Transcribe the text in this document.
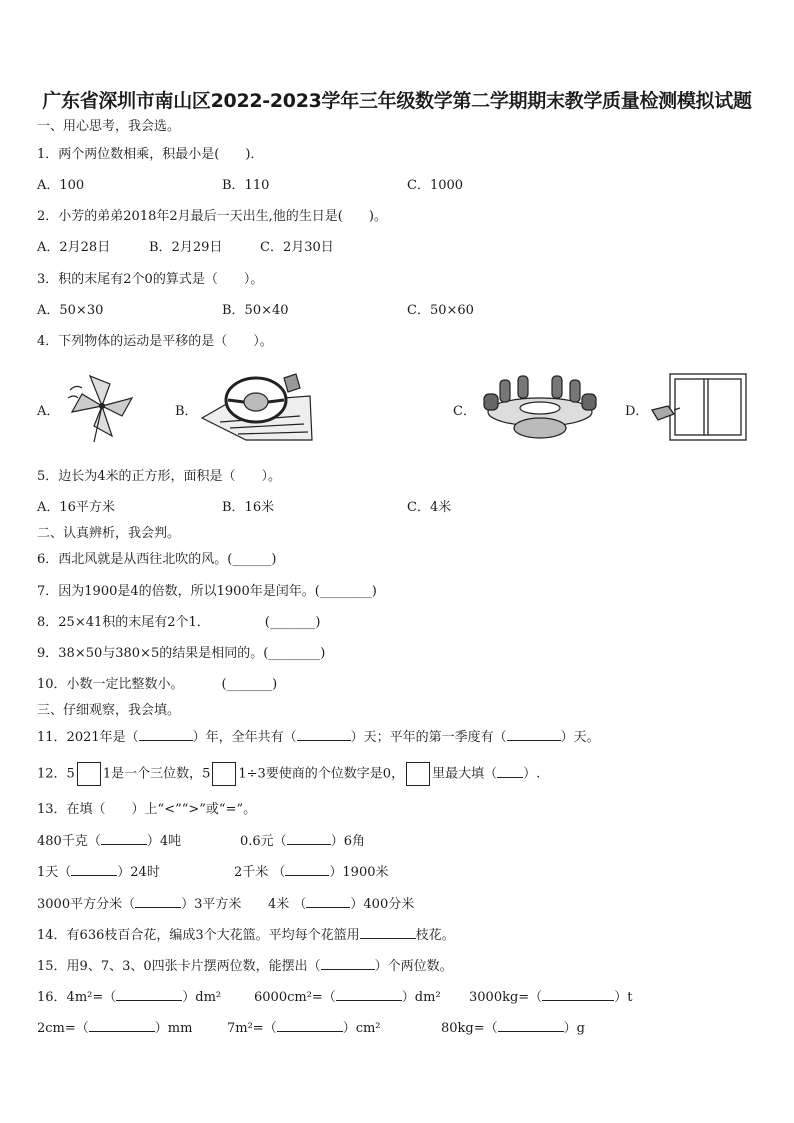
广东省深圳市南山区2022-2023学年三年级数学第二学期期末教学质量检测模拟试题
一、用心思考，我会选。
1．两个两位数相乘，积最小是(　　)．
A．100	B．110	C．1000
2．小芳的弟弟2018年2月最后一天出生,他的生日是(　　)。
A．2月28日	B．2月29日	C．2月30日
3．积的末尾有2个0的算式是（　　）。
A．50×30	B．50×40	C．50×60
4．下列物体的运动是平移的是（　　）。
A．	B．	C．	D．
5．边长为4米的正方形，面积是（　　）。
A．16平方米	B．16米	C．4米
二、认真辨析，我会判。
6．西北风就是从西往北吹的风。(______)
7．因为1900是4的倍数，所以1900年是闰年。(________)
8．25×41积的末尾有2个1．	(_______)
9．38×50与380×5的结果是相同的。(________)
10．小数一定比整数小。	(_______)
三、仔细观察，我会填。
11．2021年是（	）年，全年共有（	）天；平年的第一季度有（	）天。
12．5 1是一个三位数，5 1÷3要使商的个位数字是0， 里最大填（ ）.
13．在填（　　）上“<”“>”或“=”。
480千克（	）4吨	0.6元（	）6角
1天（	）24时	2千米 （	）1900米
3000平方分米（	）3平方米 4米 （	）400分米
14．有636枝百合花，编成3个大花篮。平均每个花篮用	枝花。
15．用9、7、3、0四张卡片摆两位数，能摆出（	）个两位数。
16．4m²=（	）dm²	6000cm²=（	）dm² 3000kg=（	）t
2cm=（	）mm	7m²=（	）cm²	80kg=（	）g
